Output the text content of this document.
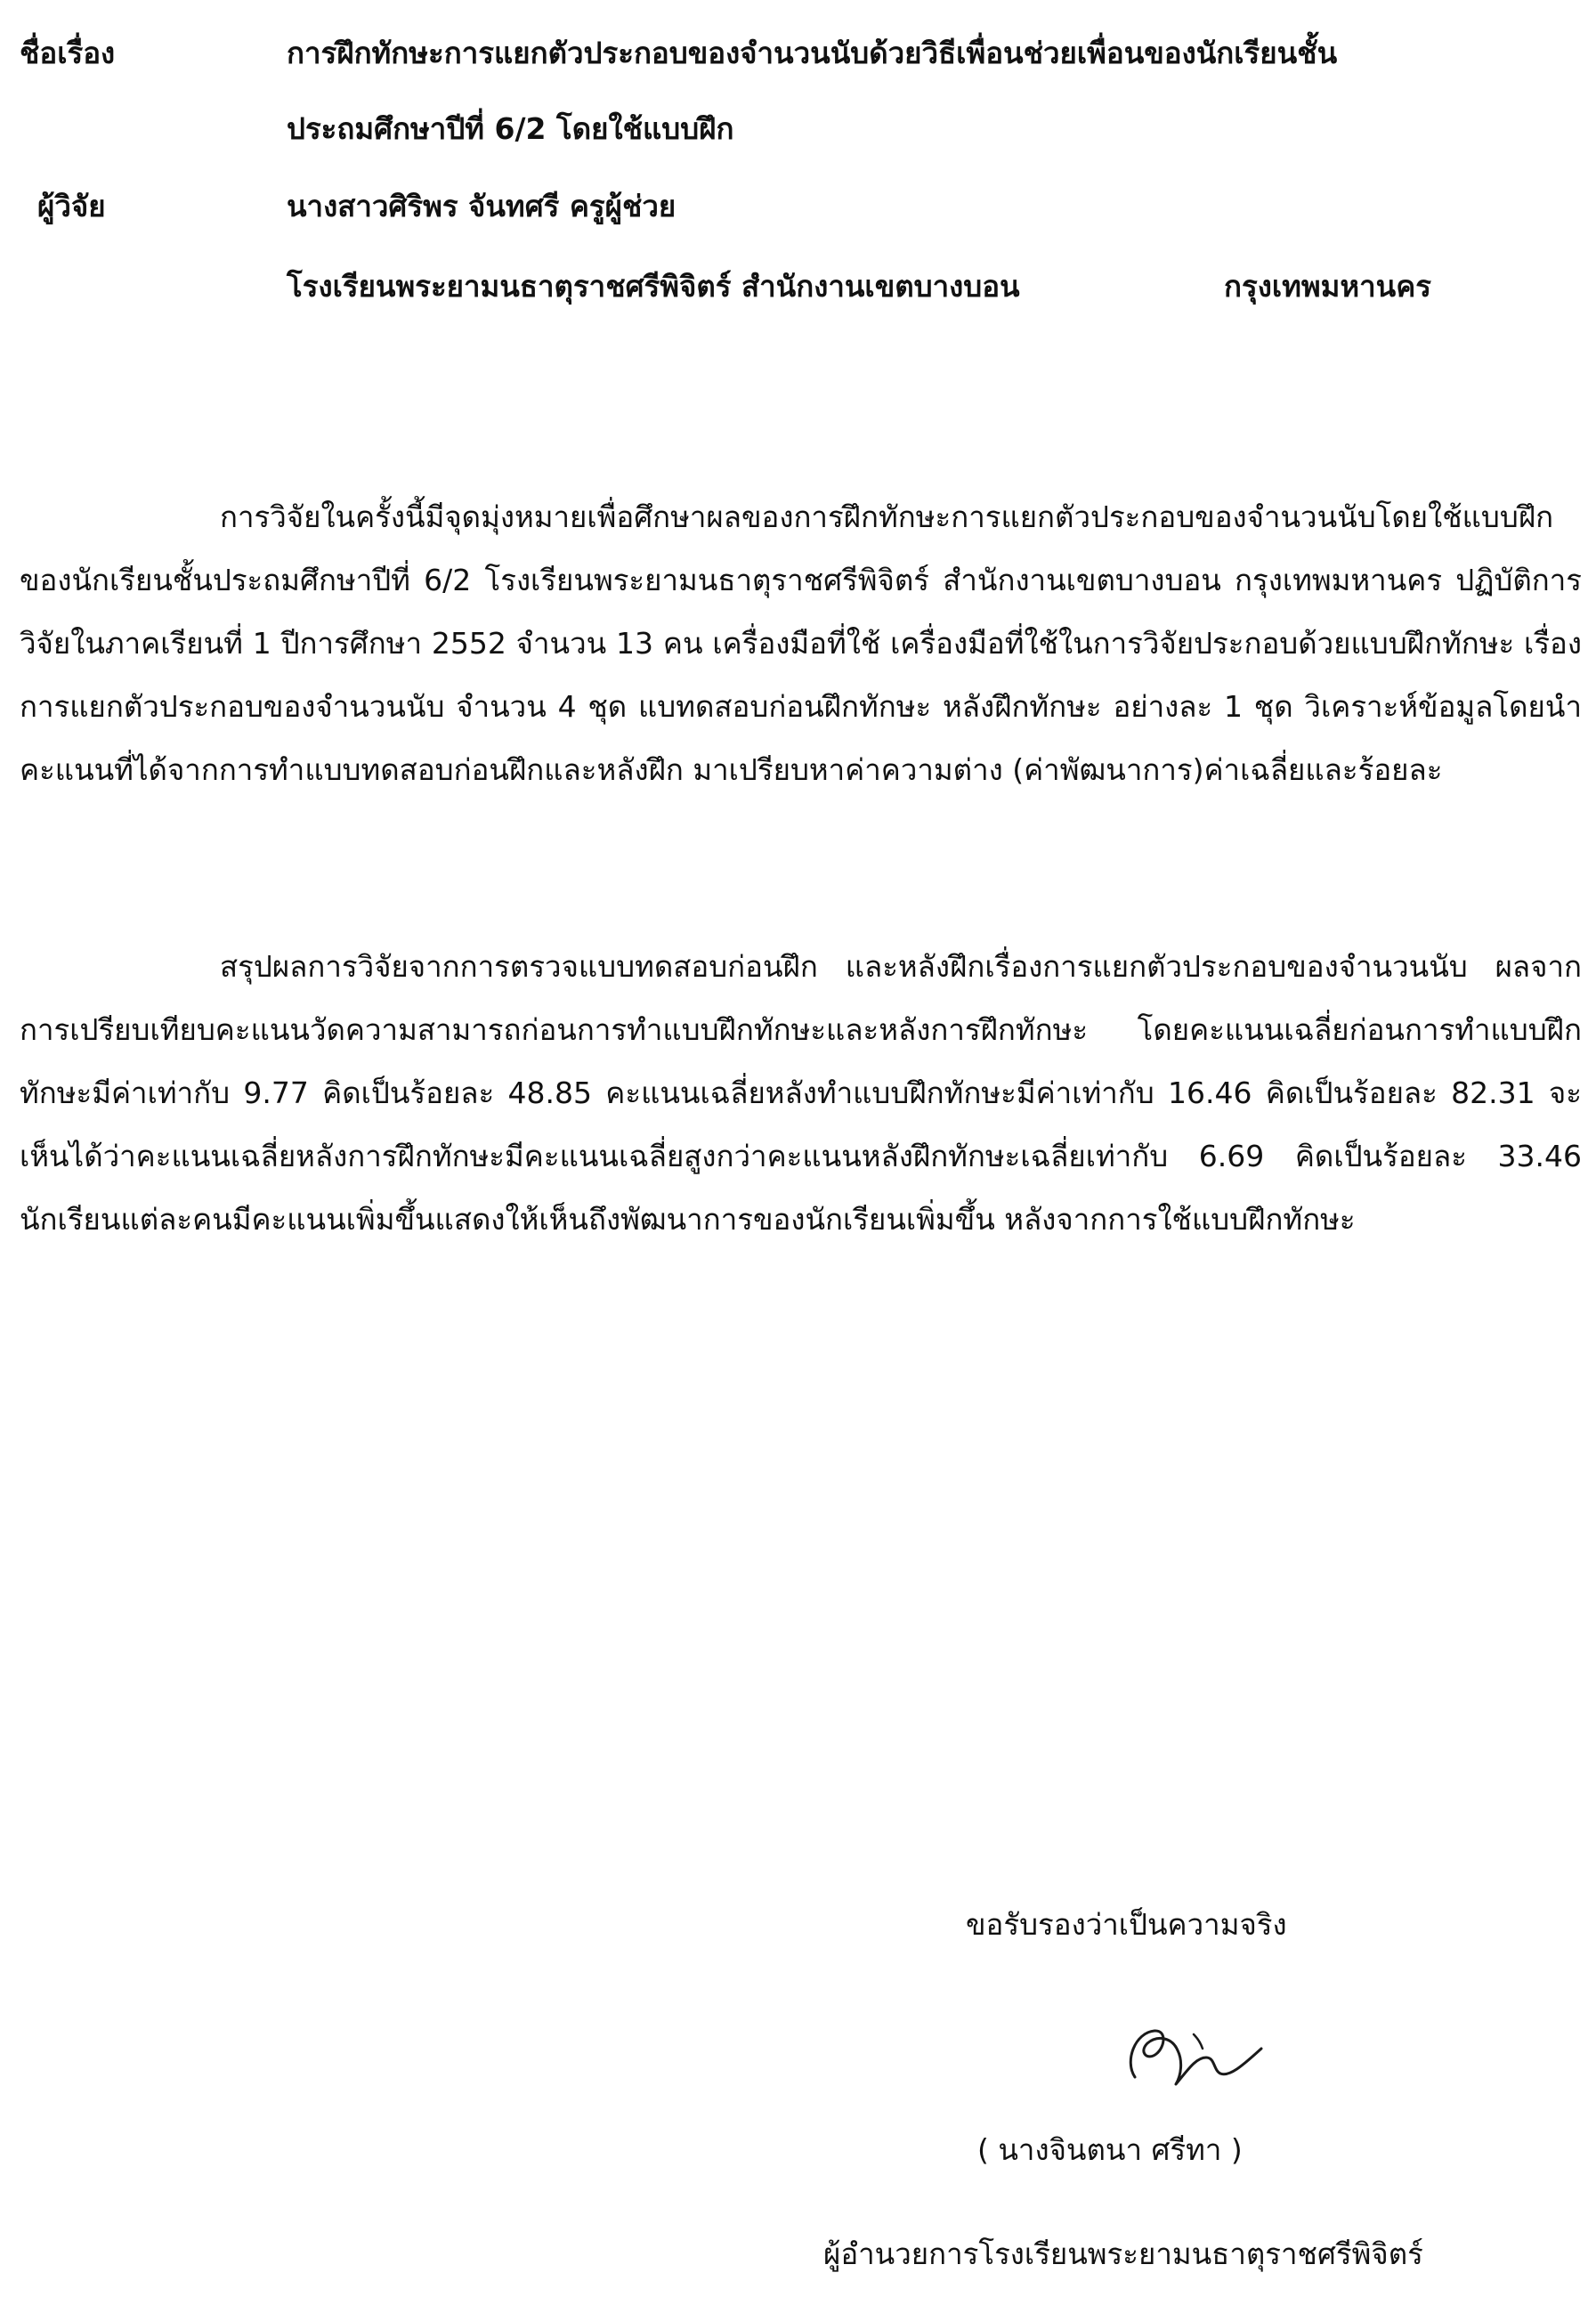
ชื่อเรื่อง	การฝึกทักษะการแยกตัวประกอบของจำนวนนับด้วยวิธีเพื่อนช่วยเพื่อนของนักเรียนชั้น
ประถมศึกษาปีที่ 6/2 โดยใช้แบบฝึก
ผู้วิจัย	นางสาวศิริพร จันทศรี ครูผู้ช่วย
โรงเรียนพระยามนธาตุราชศรีพิจิตร์ สำนักงานเขตบางบอน	กรุงเทพมหานคร

การวิจัยในครั้งนี้มีจุดมุ่งหมายเพื่อศึกษาผลของการฝึกทักษะการแยกตัวประกอบของจำนวนนับโดยใช้แบบฝึกของนักเรียนชั้นประถมศึกษาปีที่ 6/2 โรงเรียนพระยามนธาตุราชศรีพิจิตร์ สำนักงานเขตบางบอน กรุงเทพมหานคร ปฏิบัติการวิจัยในภาคเรียนที่ 1 ปีการศึกษา 2552 จำนวน 13 คน เครื่องมือที่ใช้ เครื่องมือที่ใช้ในการวิจัยประกอบด้วยแบบฝึกทักษะ เรื่องการแยกตัวประกอบของจำนวนนับ จำนวน 4 ชุด แบทดสอบก่อนฝึกทักษะ หลังฝึกทักษะ อย่างละ 1 ชุด วิเคราะห์ข้อมูลโดยนำคะแนนที่ได้จากการทำแบบทดสอบก่อนฝึกและหลังฝึก มาเปรียบหาค่าความต่าง (ค่าพัฒนาการ)ค่าเฉลี่ยและร้อยละ

สรุปผลการวิจัยจากการตรวจแบบทดสอบก่อนฝึก และหลังฝึกเรื่องการแยกตัวประกอบของจำนวนนับ ผลจากการเปรียบเทียบคะแนนวัดความสามารถก่อนการทำแบบฝึกทักษะและหลังการฝึกทักษะ โดยคะแนนเฉลี่ยก่อนการทำแบบฝึกทักษะมีค่าเท่ากับ 9.77 คิดเป็นร้อยละ 48.85 คะแนนเฉลี่ยหลังทำแบบฝึกทักษะมีค่าเท่ากับ 16.46 คิดเป็นร้อยละ 82.31 จะเห็นได้ว่าคะแนนเฉลี่ยหลังการฝึกทักษะมีคะแนนเฉลี่ยสูงกว่าคะแนนหลังฝึกทักษะเฉลี่ยเท่ากับ 6.69 คิดเป็นร้อยละ 33.46 นักเรียนแต่ละคนมีคะแนนเพิ่มขึ้นแสดงให้เห็นถึงพัฒนาการของนักเรียนเพิ่มขึ้น หลังจากการใช้แบบฝึกทักษะ

ขอรับรองว่าเป็นความจริง
( นางจินตนา ศรีทา )
ผู้อำนวยการโรงเรียนพระยามนธาตุราชศรีพิจิตร์
